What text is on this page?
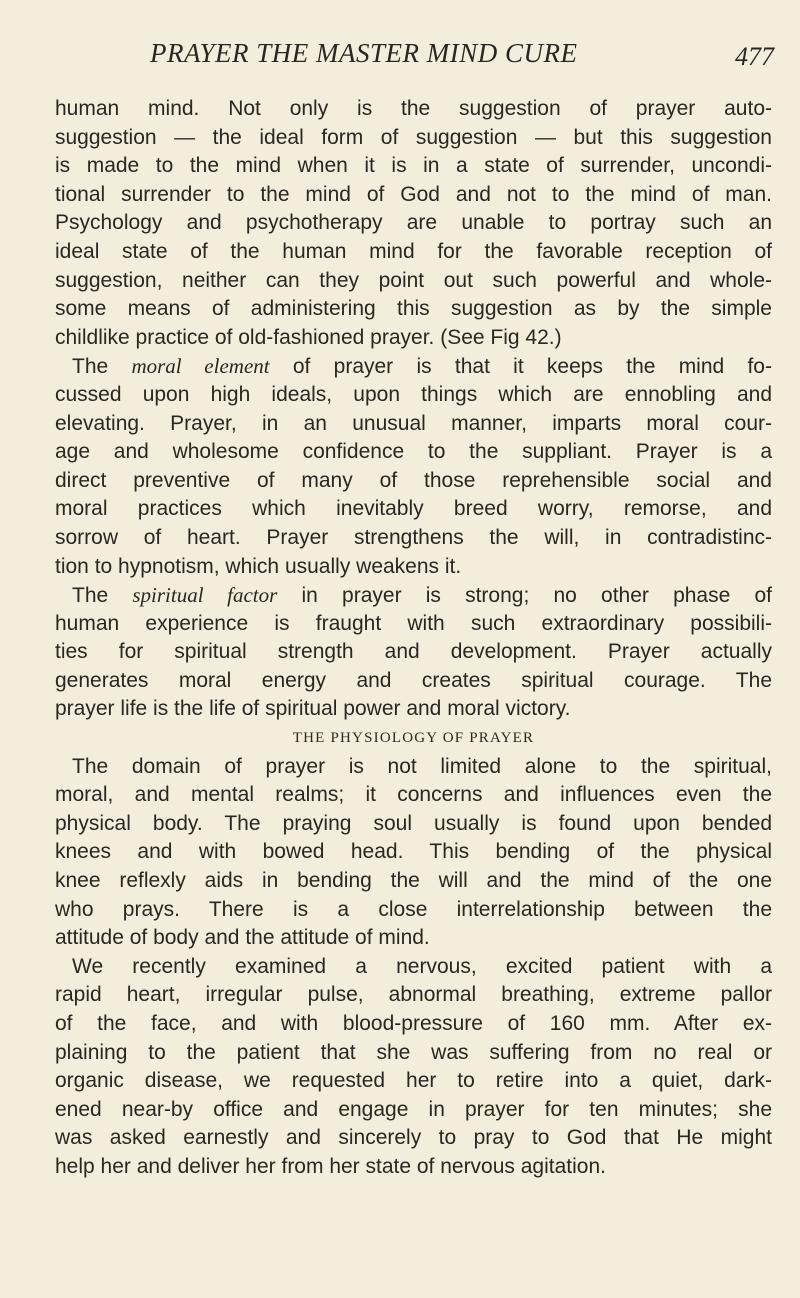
PRAYER THE MASTER MIND CURE	477
human mind. Not only is the suggestion of prayer auto-
suggestion — the ideal form of suggestion — but this suggestion
is made to the mind when it is in a state of surrender, uncondi-
tional surrender to the mind of God and not to the mind of man.
Psychology and psychotherapy are unable to portray such an
ideal state of the human mind for the favorable reception of
suggestion, neither can they point out such powerful and whole-
some means of administering this suggestion as by the simple
childlike practice of old-fashioned prayer. (See Fig 42.)
The moral element of prayer is that it keeps the mind fo-
cussed upon high ideals, upon things which are ennobling and
elevating. Prayer, in an unusual manner, imparts moral cour-
age and wholesome confidence to the suppliant. Prayer is a
direct preventive of many of those reprehensible social and
moral practices which inevitably breed worry, remorse, and
sorrow of heart. Prayer strengthens the will, in contradistinc-
tion to hypnotism, which usually weakens it.
The spiritual factor in prayer is strong; no other phase of
human experience is fraught with such extraordinary possibili-
ties for spiritual strength and development. Prayer actually
generates moral energy and creates spiritual courage. The
prayer life is the life of spiritual power and moral victory.
THE PHYSIOLOGY OF PRAYER
The domain of prayer is not limited alone to the spiritual,
moral, and mental realms; it concerns and influences even the
physical body. The praying soul usually is found upon bended
knees and with bowed head. This bending of the physical
knee reflexly aids in bending the will and the mind of the one
who prays. There is a close interrelationship between the
attitude of body and the attitude of mind.
We recently examined a nervous, excited patient with a
rapid heart, irregular pulse, abnormal breathing, extreme pallor
of the face, and with blood-pressure of 160 mm. After ex-
plaining to the patient that she was suffering from no real or
organic disease, we requested her to retire into a quiet, dark-
ened near-by office and engage in prayer for ten minutes; she
was asked earnestly and sincerely to pray to God that He might
help her and deliver her from her state of nervous agitation.
